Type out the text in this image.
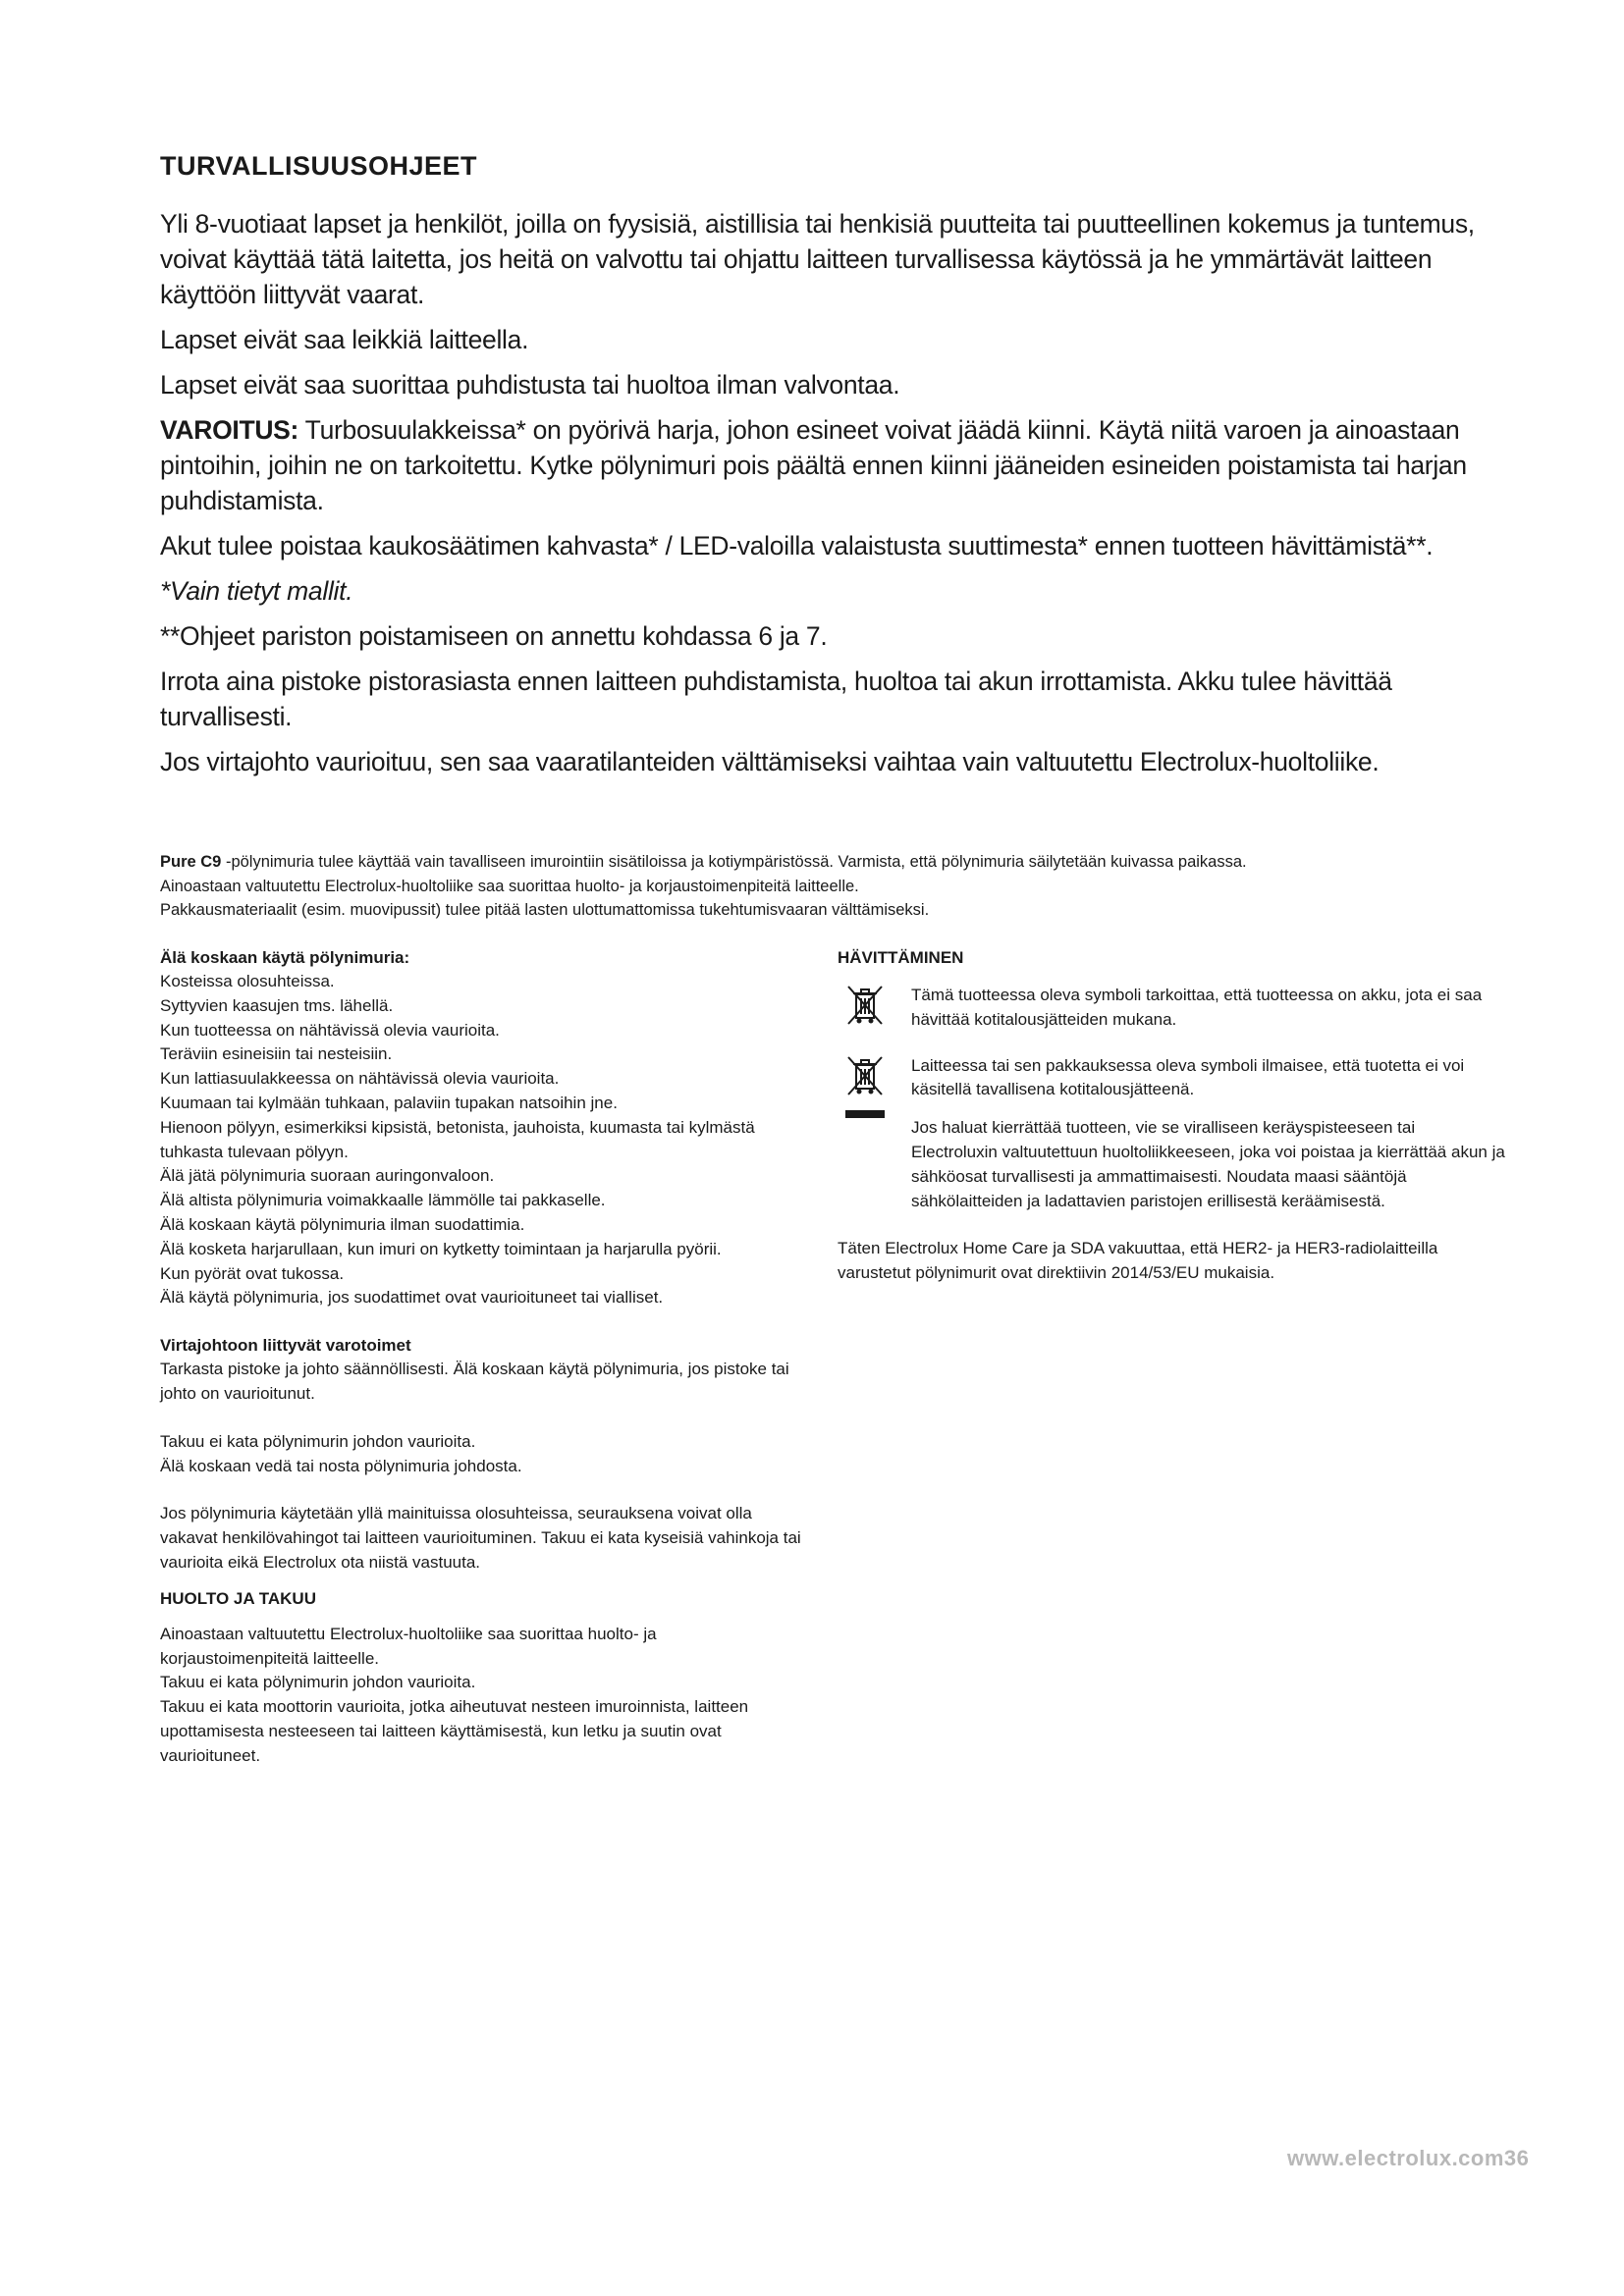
TURVALLISUUSOHJEET

Yli 8-vuotiaat lapset ja henkilöt, joilla on fyysisiä, aistillisia tai henkisiä puutteita tai puutteellinen kokemus ja tuntemus, voivat käyttää tätä laitetta, jos heitä on valvottu tai ohjattu laitteen turvallisessa käytössä ja he ymmärtävät laitteen käyttöön liittyvät vaarat.

Lapset eivät saa leikkiä laitteella.

Lapset eivät saa suorittaa puhdistusta tai huoltoa ilman valvontaa.

VAROITUS: Turbosuulakkeissa* on pyörivä harja, johon esineet voivat jäädä kiinni. Käytä niitä varoen ja ainoastaan pintoihin, joihin ne on tarkoitettu. Kytke pölynimuri pois päältä ennen kiinni jääneiden esineiden poistamista tai harjan puhdistamista.

Akut tulee poistaa kaukosäätimen kahvasta* / LED-valoilla valaistusta suuttimesta* ennen tuotteen hävittämistä**.

*Vain tietyt mallit.

**Ohjeet pariston poistamiseen on annettu kohdassa 6 ja 7.

Irrota aina pistoke pistorasiasta ennen laitteen puhdistamista, huoltoa tai akun irrottamista. Akku tulee hävittää turvallisesti.

Jos virtajohto vaurioituu, sen saa vaaratilanteiden välttämiseksi vaihtaa vain valtuutettu Electrolux-huoltoliike.

Pure C9 -pölynimuria tulee käyttää vain tavalliseen imurointiin sisätiloissa ja kotiympäristössä. Varmista, että pölynimuria säilytetään kuivassa paikassa.

Ainoastaan valtuutettu Electrolux-huoltoliike saa suorittaa huolto- ja korjaustoimenpiteitä laitteelle.

Pakkausmateriaalit (esim. muovipussit) tulee pitää lasten ulottumattomissa tukehtumisvaaran välttämiseksi.

Älä koskaan käytä pölynimuria:

Kosteissa olosuhteissa.

Syttyvien kaasujen tms. lähellä.

Kun tuotteessa on nähtävissä olevia vaurioita.

Teräviin esineisiin tai nesteisiin.

Kun lattiasuulakkeessa on nähtävissä olevia vaurioita.

Kuumaan tai kylmään tuhkaan, palaviin tupakan natsoihin jne.

Hienoon pölyyn, esimerkiksi kipsistä, betonista, jauhoista, kuumasta tai kylmästä tuhkasta tulevaan pölyyn.

Älä jätä pölynimuria suoraan auringonvaloon.

Älä altista pölynimuria voimakkaalle lämmölle tai pakkaselle.

Älä koskaan käytä pölynimuria ilman suodattimia.

Älä kosketa harjarullaan, kun imuri on kytketty toimintaan ja harjarulla pyörii.

Kun pyörät ovat tukossa.

Älä käytä pölynimuria, jos suodattimet ovat vaurioituneet tai vialliset.

Virtajohtoon liittyvät varotoimet

Tarkasta pistoke ja johto säännöllisesti. Älä koskaan käytä pölynimuria, jos pistoke tai johto on vaurioitunut.

Takuu ei kata pölynimurin johdon vaurioita.

Älä koskaan vedä tai nosta pölynimuria johdosta.

Jos pölynimuria käytetään yllä mainituissa olosuhteissa, seurauksena voivat olla vakavat henkilövahingot tai laitteen vaurioituminen. Takuu ei kata kyseisiä vahinkoja tai vaurioita eikä Electrolux ota niistä vastuuta.

HUOLTO JA TAKUU

Ainoastaan valtuutettu Electrolux-huoltoliike saa suorittaa huolto- ja korjaustoimenpiteitä laitteelle.

Takuu ei kata pölynimurin johdon vaurioita.

Takuu ei kata moottorin vaurioita, jotka aiheutuvat nesteen imuroinnista, laitteen upottamisesta nesteeseen tai laitteen käyttämisestä, kun letku ja suutin ovat vaurioituneet.

HÄVITTÄMINEN

Tämä tuotteessa oleva symboli tarkoittaa, että tuotteessa on akku, jota ei saa hävittää kotitalousjätteiden mukana.

Laitteessa tai sen pakkauksessa oleva symboli ilmaisee, että tuotetta ei voi käsitellä tavallisena kotitalousjätteenä.

Jos haluat kierrättää tuotteen, vie se viralliseen keräyspisteeseen tai Electroluxin valtuutettuun huoltoliikkeeseen, joka voi poistaa ja kierrättää akun ja sähköosat turvallisesti ja ammattimaisesti. Noudata maasi sääntöjä sähkölaitteiden ja ladattavien paristojen erillisestä keräämisestä.

Täten Electrolux Home Care ja SDA vakuuttaa, että HER2- ja HER3-radiolaitteilla varustetut pölynimurit ovat direktiivin 2014/53/EU mukaisia.

www.electrolux.com36
